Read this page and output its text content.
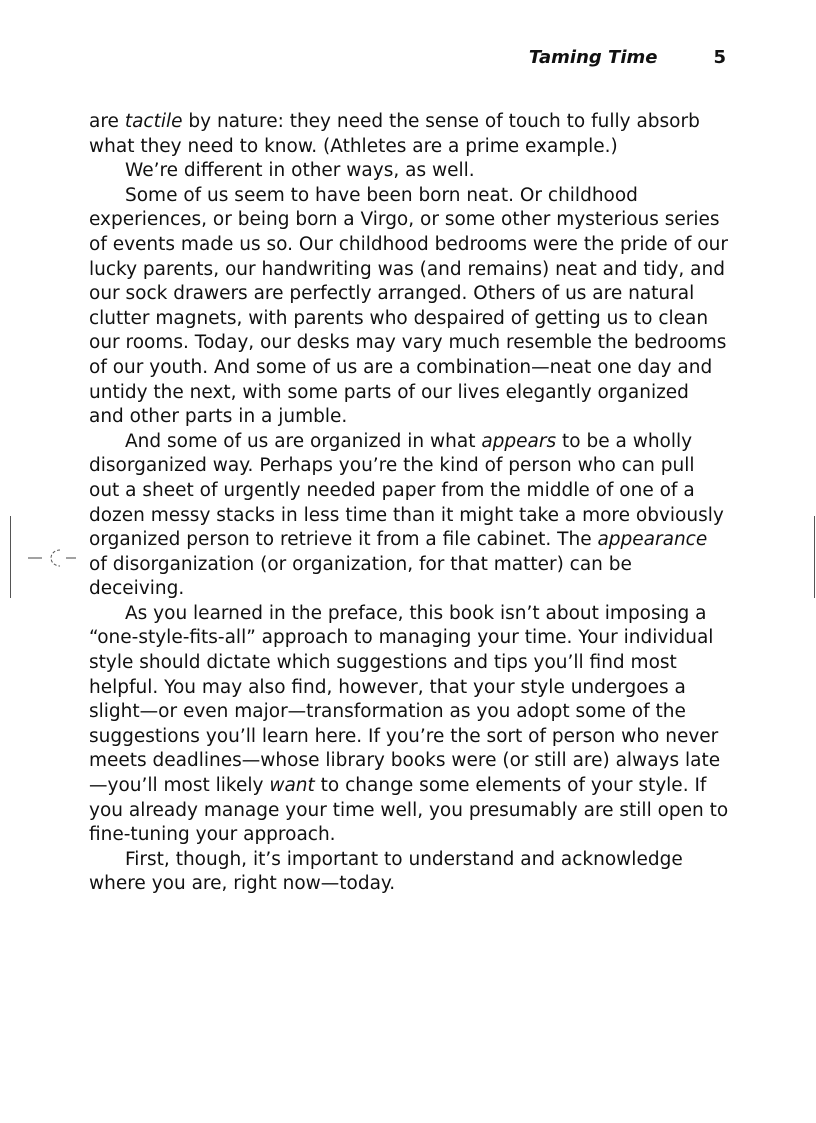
Taming Time	5

are tactile by nature: they need the sense of touch to fully absorb what they need to know. (Athletes are a prime example.)

We’re different in other ways, as well.

Some of us seem to have been born neat. Or childhood experiences, or being born a Virgo, or some other mysterious series of events made us so. Our childhood bedrooms were the pride of our lucky parents, our handwriting was (and remains) neat and tidy, and our sock drawers are perfectly arranged. Others of us are natural clutter magnets, with parents who despaired of getting us to clean our rooms. Today, our desks may vary much resemble the bedrooms of our youth. And some of us are a combination—neat one day and untidy the next, with some parts of our lives elegantly organized and other parts in a jumble.

And some of us are organized in what appears to be a wholly disorganized way. Perhaps you’re the kind of person who can pull out a sheet of urgently needed paper from the middle of one of a dozen messy stacks in less time than it might take a more obviously organized person to retrieve it from a file cabinet. The appearance of disorganization (or organization, for that matter) can be deceiving.

As you learned in the preface, this book isn’t about imposing a “one-style-fits-all” approach to managing your time. Your individual style should dictate which suggestions and tips you’ll find most helpful. You may also find, however, that your style undergoes a slight—or even major—transformation as you adopt some of the suggestions you’ll learn here. If you’re the sort of person who never meets deadlines—whose library books were (or still are) always late—you’ll most likely want to change some elements of your style. If you already manage your time well, you presumably are still open to fine-tuning your approach.

First, though, it’s important to understand and acknowledge where you are, right now—today.
